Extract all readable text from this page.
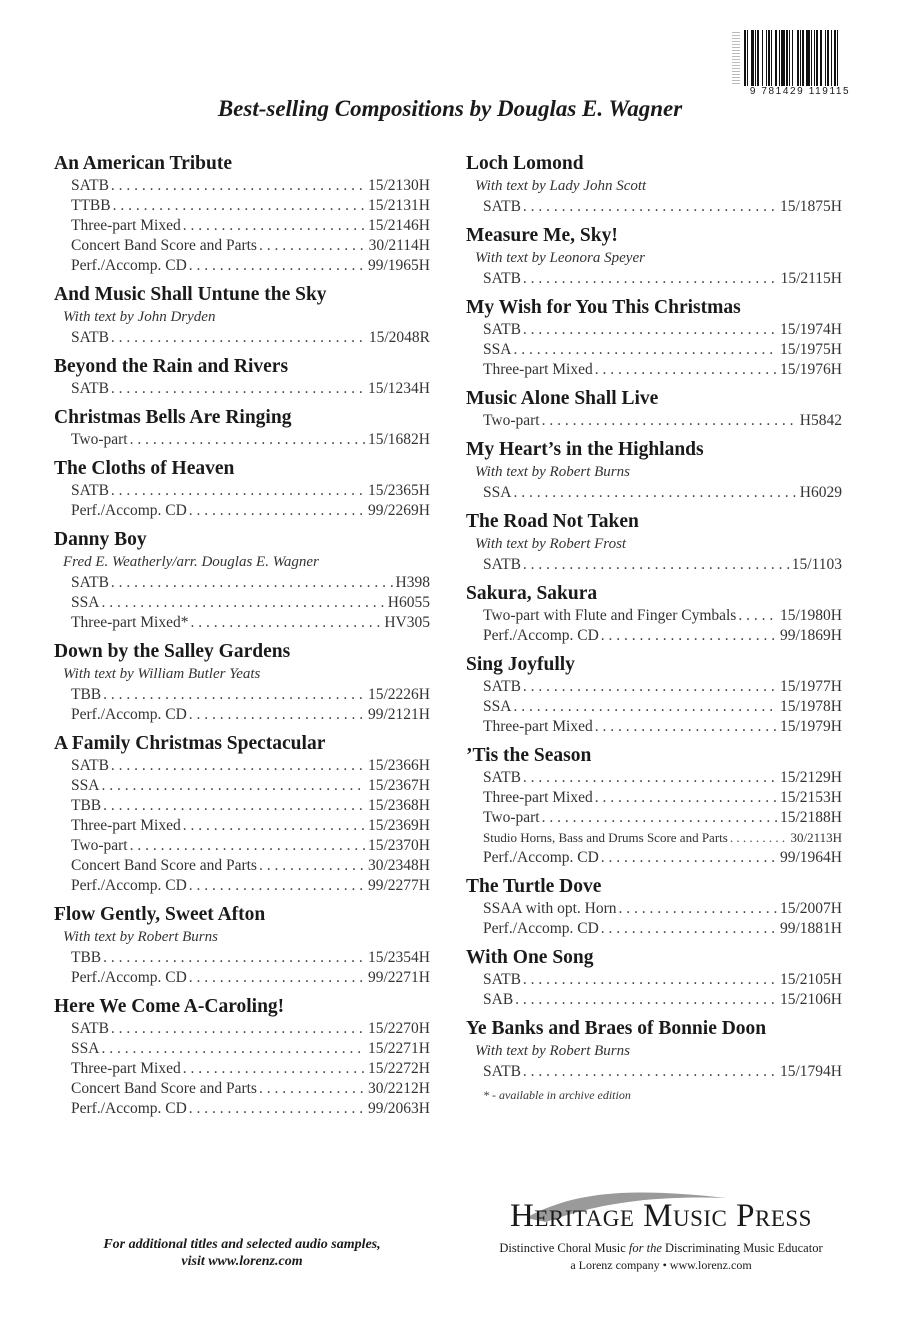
9 781429 119115
Best-selling Compositions by Douglas E. Wagner
An American Tribute
SATB . . .	15/2130H
TTBB . . .	15/2131H
Three-part Mixed . . .	15/2146H
Concert Band Score and Parts . . .	30/2114H
Perf./Accomp. CD . . .	99/1965H
And Music Shall Untune the Sky
With text by John Dryden
SATB . . .	15/2048R
Beyond the Rain and Rivers
SATB . . .	15/1234H
Christmas Bells Are Ringing
Two-part . . .	15/1682H
The Cloths of Heaven
SATB . . .	15/2365H
Perf./Accomp. CD . . .	99/2269H
Danny Boy
Fred E. Weatherly/arr. Douglas E. Wagner
SATB . . .	H398
SSA . . .	H6055
Three-part Mixed* . . .	HV305
Down by the Salley Gardens
With text by William Butler Yeats
TBB . . .	15/2226H
Perf./Accomp. CD . . .	99/2121H
A Family Christmas Spectacular
SATB . . .	15/2366H
SSA . . .	15/2367H
TBB . . .	15/2368H
Three-part Mixed . . .	15/2369H
Two-part . . .	15/2370H
Concert Band Score and Parts . . .	30/2348H
Perf./Accomp. CD . . .	99/2277H
Flow Gently, Sweet Afton
With text by Robert Burns
TBB . . .	15/2354H
Perf./Accomp. CD . . .	99/2271H
Here We Come A-Caroling!
SATB . . .	15/2270H
SSA . . .	15/2271H
Three-part Mixed . . .	15/2272H
Concert Band Score and Parts . . .	30/2212H
Perf./Accomp. CD . . .	99/2063H
Loch Lomond
With text by Lady John Scott
SATB . . .	15/1875H
Measure Me, Sky!
With text by Leonora Speyer
SATB . . .	15/2115H
My Wish for You This Christmas
SATB . . .	15/1974H
SSA . . .	15/1975H
Three-part Mixed . . .	15/1976H
Music Alone Shall Live
Two-part . . .	H5842
My Heart’s in the Highlands
With text by Robert Burns
SSA . . .	H6029
The Road Not Taken
With text by Robert Frost
SATB . . .	15/1103
Sakura, Sakura
Two-part with Flute and Finger Cymbals . . .	15/1980H
Perf./Accomp. CD . . .	99/1869H
Sing Joyfully
SATB . . .	15/1977H
SSA . . .	15/1978H
Three-part Mixed . . .	15/1979H
’Tis the Season
SATB . . .	15/2129H
Three-part Mixed . . .	15/2153H
Two-part . . .	15/2188H
Studio Horns, Bass and Drums Score and Parts . . .	30/2113H
Perf./Accomp. CD . . .	99/1964H
The Turtle Dove
SSAA with opt. Horn . . .	15/2007H
Perf./Accomp. CD . . .	99/1881H
With One Song
SATB . . .	15/2105H
SAB . . .	15/2106H
Ye Banks and Braes of Bonnie Doon
With text by Robert Burns
SATB . . .	15/1794H
* - available in archive edition
For additional titles and selected audio samples,
visit www.lorenz.com
Heritage Music Press
Distinctive Choral Music for the Discriminating Music Educator
a Lorenz company • www.lorenz.com
